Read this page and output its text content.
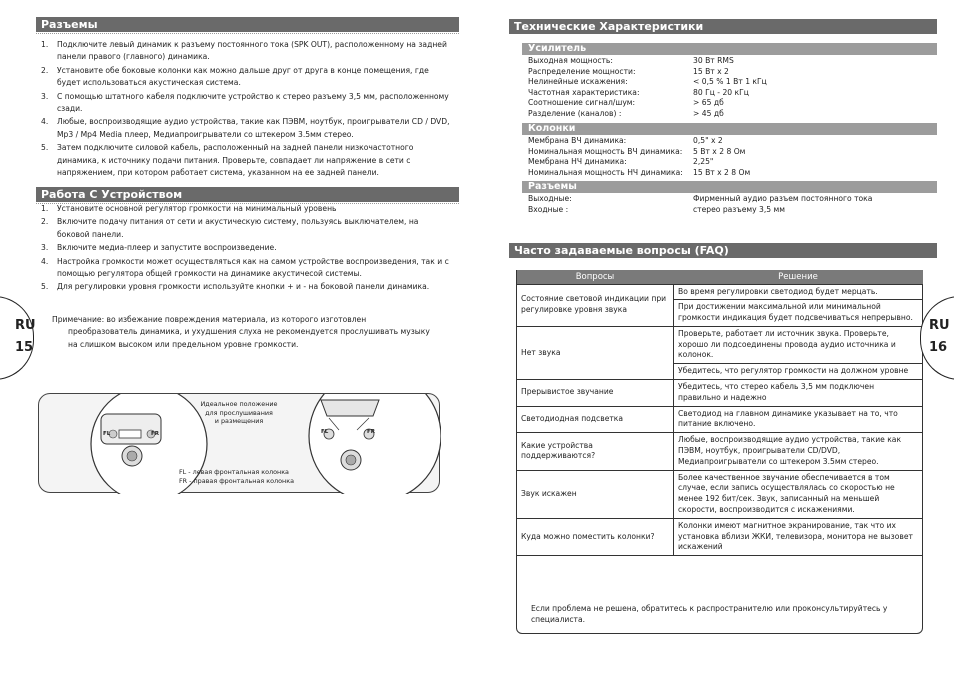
Разъемы
1. Подключите левый динамик к разъему постоянного тока (SPK OUT), расположенному на задней панели правого (главного) динамика.
2. Установите обе боковые колонки как можно дальше друг от друга в конце помещения, где будет использоваться акустическая система.
3. С помощью штатного кабеля подключите устройство к стерео разъему 3,5 мм, расположенному сзади.
4. Любые, воспроизводящие аудио устройства, такие как ПЭВМ, ноутбук, проигрыватели CD / DVD, Mp3 / Mp4 Media плеер, Медиапроигрыватели со штекером 3.5мм стерео.
5. Затем подключите силовой кабель, расположенный на задней панели низкочастотного динамика, к источнику подачи питания. Проверьте, совпадает ли напряжение в сети с напряжением, при котором работает система, указанном на ее задней панели.
Работа С Устройством
1. Установите основной регулятор громкости на минимальный уровень
2. Включите подачу питания от сети и акустическую систему, пользуясь выключателем, на боковой панели.
3. Включите медиа-плеер и запустите воспроизведение.
4. Настройка громкости может осуществляться как на самом устройстве воспроизведения, так и с помощью регулятора общей громкости на динамике акустичесой системы.
5. Для регулировки уровня громкости используйте кнопки + и - на боковой панели динамика.
Примечание: во избежание повреждения материала, из которого изготовлен
преобразователь динамика, и ухудшения слуха не рекомендуется прослушивать музыку
на слишком высоком или предельном уровне громкости.
RU
15
Идеальное положение
для прослушивания
и размещения
FL	FR	FL	FR
FL - левая фронтальная колонка
FR - правая фронтальная колонка
Технические Характеристики
Усилитель
Выходная мощность:	30 Вт RMS
Распределение мощности:	15 Вт x 2
Нелинейные искажения:	< 0,5 % 1 Вт 1 кГц
Частотная характеристика:	80 Гц - 20 кГц
Соотношение сигнал/шум:	> 65 дб
Разделение (каналов) :	> 45 дб
Колонки
Мембрана ВЧ динамика:	0,5" x 2
Номинальная мощность ВЧ динамика:	5 Вт x 2 8 Ом
Мембрана НЧ динамика:	2,25"
Номинальная мощность НЧ динамика:	15 Вт x 2 8 Ом
Разъемы
Выходные:	Фирменный аудио разъем постоянного тока
Входные :	стерео разъему 3,5 мм
Часто задаваемые вопросы (FAQ)
Вопросы	Решение
Состояние световой индикации при регулировке уровня звука	Во время регулировки светодиод будет мерцать.
	При достижении максимальной или минимальной громкости индикация будет подсвечиваться непрерывно.
Нет звука	Проверьте, работает ли источник звука. Проверьте, хорошо ли подсоединены провода аудио источника и колонок.
	Убедитесь, что регулятор громкости на должном уровне
Прерывистое звучание	Убедитесь, что стерео кабель 3,5 мм подключен правильно и надежно
Светодиодная подсветка	Светодиод на главном динамике указывает на то, что питание включено.
Какие устройства поддерживаются?	Любые, воспроизводящие аудио устройства, такие как ПЭВМ, ноутбук, проигрыватели CD/DVD, Медиапроигрыватели со штекером 3.5мм стерео.
Звук искажен	Более качественное звучание обеспечивается в том случае, если запись осуществлялась со скоростью не менее 192 бит/сек. Звук, записанный на меньшей скорости, воспроизводится с искажениями.
Куда можно поместить колонки?	Колонки имеют магнитное экранирование, так что их установка вблизи ЖКИ, телевизора, монитора не вызовет искажений
Если проблема не решена, обратитесь к распространителю или проконсультируйтесь у специалиста.
RU
16
